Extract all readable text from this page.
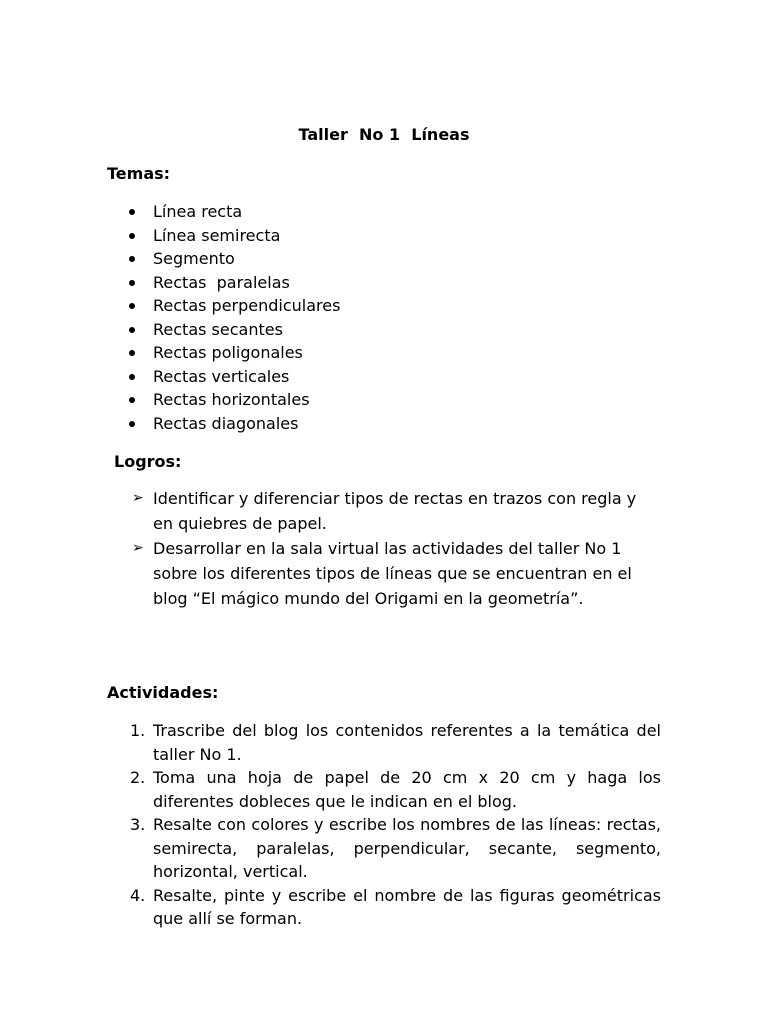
Taller  No 1  Líneas

Temas:

Línea recta
Línea semirecta
Segmento
Rectas  paralelas
Rectas perpendiculares
Rectas secantes
Rectas poligonales
Rectas verticales
Rectas horizontales
Rectas diagonales

Logros:

➢ Identificar y diferenciar tipos de rectas en trazos con regla y en quiebres de papel.
➢ Desarrollar en la sala virtual las actividades del taller No 1 sobre los diferentes tipos de líneas que se encuentran en el blog “El mágico mundo del Origami en la geometría”.

Actividades:

1. Trascribe del blog los contenidos referentes a la temática del taller No 1.
2. Toma una hoja de papel de 20 cm x 20 cm y haga los diferentes dobleces que le indican en el blog.
3. Resalte con colores y escribe los nombres de las líneas: rectas, semirecta, paralelas, perpendicular, secante, segmento, horizontal, vertical.
4. Resalte, pinte y escribe el nombre de las figuras geométricas que allí se forman.
